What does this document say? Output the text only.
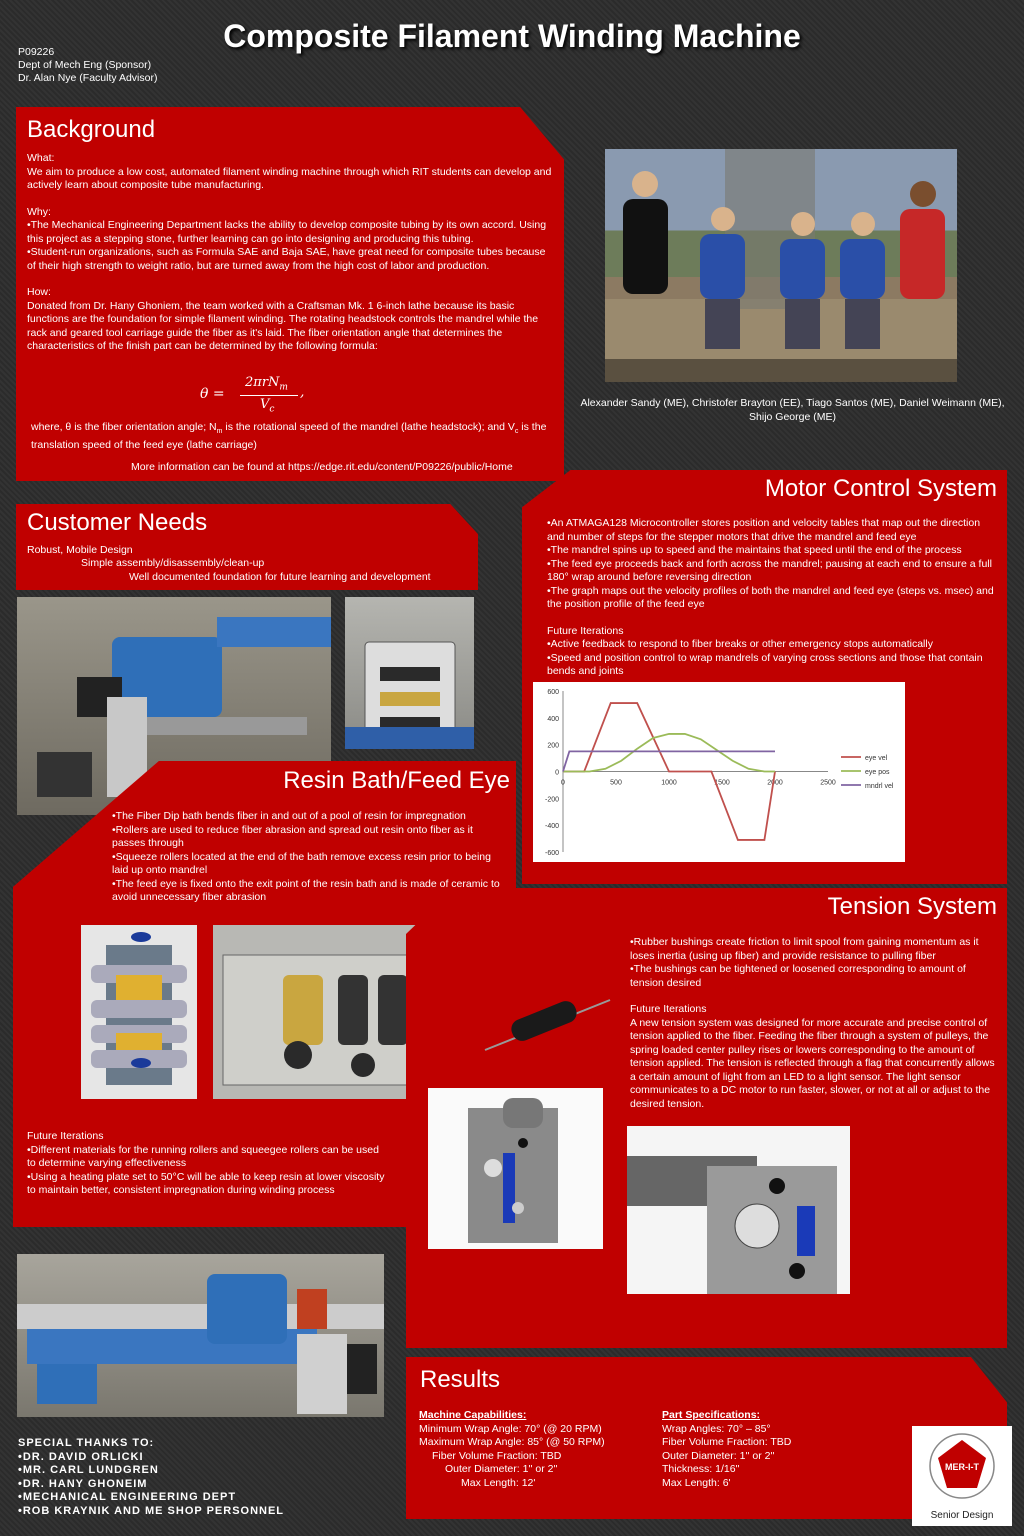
Composite Filament Winding Machine
P09226
Dept of Mech Eng (Sponsor)
Dr. Alan Nye (Faculty Advisor)
Background
What:
We aim to produce a low cost, automated filament winding machine through which RIT students can develop and actively learn about composite tube manufacturing.
Why:
•The Mechanical Engineering Department lacks the ability to develop composite tubing by its own accord. Using this project as a stepping stone, further learning can go into designing and producing this tubing.
•Student-run organizations, such as Formula SAE and Baja SAE, have great need for composite tubes because of their high strength to weight ratio, but are turned away from the high cost of labor and production.
How:
Donated from Dr. Hany Ghoniem, the team worked with a Craftsman Mk. 1 6-inch lathe because its basic functions are the foundation for simple filament winding. The rotating headstock controls the mandrel while the rack and geared tool carriage guide the fiber as it's laid. The fiber orientation angle that determines the characteristics of the finish part can be determined by the following formula:
θ =
2πrN$_m$
$V_c$
,
where, θ is the fiber orientation angle; $N_m$ is the rotational speed of the mandrel (lathe headstock); and $V_c$ is the translation speed of the feed eye (lathe carriage)
More information can be found at https://edge.rit.edu/content/P09226/public/Home
Alexander Sandy (ME), Christofer Brayton (EE), Tiago Santos (ME), Daniel Weimann (ME), Shijo George (ME)
Customer Needs
Robust, Mobile Design
Simple assembly/disassembly/clean-up
Well documented foundation for future learning and development
Motor Control System
•An ATMAGA128 Microcontroller stores position and velocity tables that map out the direction and number of steps for the stepper motors that drive the mandrel and feed eye
•The mandrel spins up to speed and the maintains that speed until the end of the process
•The feed eye proceeds back and forth across the mandrel; pausing at each end to ensure a full 180° wrap around before reversing direction
•The graph maps out the velocity profiles of both the mandrel and feed eye (steps vs. msec) and the position profile of the feed eye
Future Iterations
•Active feedback to respond to fiber breaks or other emergency stops automatically
•Speed and position control to wrap mandrels of varying cross sections and those that contain bends and joints
600
400
200
0
-200
-400
-600
0	500	1000	1500	2000	2500
eye vel
eye pos
mndrl vel
Resin Bath/Feed Eye
•The Fiber Dip bath bends fiber in and out of a pool of resin for impregnation
•Rollers are used to reduce fiber abrasion and spread out resin onto fiber as it passes through
•Squeeze rollers located at the end of the bath remove excess resin prior to being laid up onto mandrel
•The feed eye is fixed onto the exit point of the resin bath and is made of ceramic to avoid unnecessary fiber abrasion
Future Iterations
•Different materials for the running rollers and squeegee rollers can be used to determine varying effectiveness
•Using a heating plate set to 50°C will be able to keep resin at lower viscosity to maintain better, consistent impregnation during winding process
Tension System
•Rubber bushings create friction to limit spool from gaining momentum as it loses inertia (using up fiber) and provide resistance to pulling fiber
•The bushings can be tightened or loosened corresponding to amount of tension desired
Future Iterations
A new tension system was designed for more accurate and precise control of tension applied to the fiber. Feeding the fiber through a system of pulleys, the spring loaded center pulley rises or lowers corresponding to the amount of tension applied. The tension is reflected through a flag that concurrently allows a certain amount of light from an LED to a light sensor. The light sensor communicates to a DC motor to run faster, slower, or not at all or adjust to the desired tension.
Results
Machine Capabilities:
Minimum Wrap Angle: 70° (@ 20 RPM)
Maximum Wrap Angle: 85° (@ 50 RPM)
Fiber Volume Fraction: TBD
Outer Diameter: 1'' or 2''
Max Length: 12'
Part Specifications:
Wrap Angles: 70° – 85°
Fiber Volume Fraction: TBD
Outer Diameter: 1'' or 2''
Thickness: 1/16''
Max Length: 6'
SPECIAL THANKS TO:
•DR. DAVID ORLICKI
•MR. CARL LUNDGREN
•DR. HANY GHONEIM
•MECHANICAL ENGINEERING DEPT
•ROB KRAYNIK AND ME SHOP PERSONNEL
MER-I-T
Senior Design
